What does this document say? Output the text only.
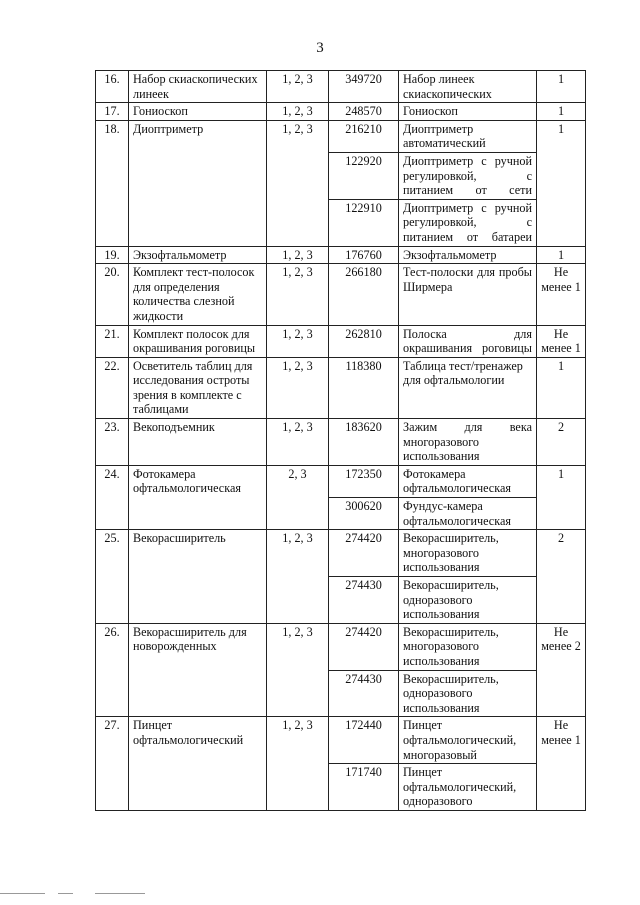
3
16.	Набор скиаскопических линеек	1, 2, 3	349720	Набор линеек скиаскопических	1
17.	Гониоскоп	1, 2, 3	248570	Гониоскоп	1
18.	Диоптриметр	1, 2, 3	216210	Диоптриметр автоматический	1
			122920	Диоптриметр с ручной регулировкой, с питанием от сети	
			122910	Диоптриметр с ручной регулировкой, с питанием от батареи	
19.	Экзофтальмометр	1, 2, 3	176760	Экзофтальмометр	1
20.	Комплект тест-полосок для определения количества слезной жидкости	1, 2, 3	266180	Тест-полоски для пробы Ширмера	Не менее 1
21.	Комплект полосок для окрашивания роговицы	1, 2, 3	262810	Полоска для окрашивания роговицы	Не менее 1
22.	Осветитель таблиц для исследования остроты зрения в комплекте с таблицами	1, 2, 3	118380	Таблица тест/тренажер для офтальмологии	1
23.	Векоподъемник	1, 2, 3	183620	Зажим для века многоразового использования	2
24.	Фотокамера офтальмологическая	2, 3	172350	Фотокамера офтальмологическая	1
			300620	Фундус-камера офтальмологическая	
25.	Векорасширитель	1, 2, 3	274420	Векорасширитель, многоразового использования	2
			274430	Векорасширитель, одноразового использования	
26.	Векорасширитель для новорожденных	1, 2, 3	274420	Векорасширитель, многоразового использования	Не менее 2
			274430	Векорасширитель, одноразового использования	
27.	Пинцет офтальмологический	1, 2, 3	172440	Пинцет офтальмологический, многоразовый	Не менее 1
			171740	Пинцет офтальмологический, одноразового	
